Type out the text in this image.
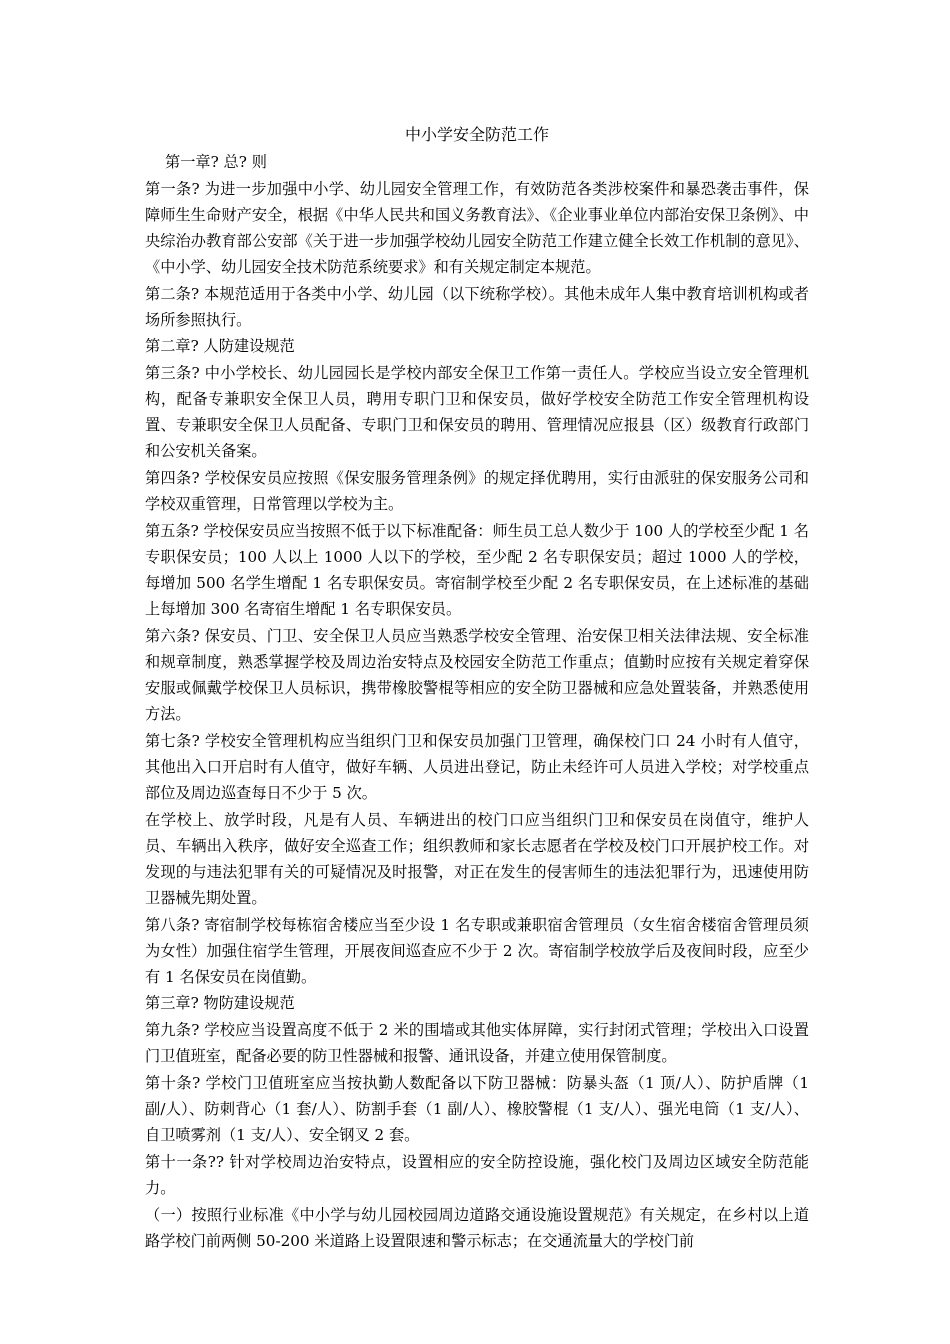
中小学安全防范工作

第一章? 总? 则

第一条? 为进一步加强中小学、幼儿园安全管理工作，有效防范各类涉校案件和暴恐袭击事件，保障师生生命财产安全，根据《中华人民共和国义务教育法》、《企业事业单位内部治安保卫条例》、中央综治办教育部公安部《关于进一步加强学校幼儿园安全防范工作建立健全长效工作机制的意见》、《中小学、幼儿园安全技术防范系统要求》和有关规定制定本规范。

第二条? 本规范适用于各类中小学、幼儿园（以下统称学校）。其他未成年人集中教育培训机构或者场所参照执行。

第二章? 人防建设规范

第三条? 中小学校长、幼儿园园长是学校内部安全保卫工作第一责任人。学校应当设立安全管理机构，配备专兼职安全保卫人员，聘用专职门卫和保安员，做好学校安全防范工作安全管理机构设置、专兼职安全保卫人员配备、专职门卫和保安员的聘用、管理情况应报县（区）级教育行政部门和公安机关备案。

第四条? 学校保安员应按照《保安服务管理条例》的规定择优聘用，实行由派驻的保安服务公司和学校双重管理，日常管理以学校为主。

第五条? 学校保安员应当按照不低于以下标准配备：师生员工总人数少于 100 人的学校至少配 1 名专职保安员；100 人以上 1000 人以下的学校，至少配 2 名专职保安员；超过 1000 人的学校，每增加 500 名学生增配 1 名专职保安员。寄宿制学校至少配 2 名专职保安员，在上述标准的基础上每增加 300 名寄宿生增配 1 名专职保安员。

第六条? 保安员、门卫、安全保卫人员应当熟悉学校安全管理、治安保卫相关法律法规、安全标准和规章制度，熟悉掌握学校及周边治安特点及校园安全防范工作重点；值勤时应按有关规定着穿保安服或佩戴学校保卫人员标识，携带橡胶警棍等相应的安全防卫器械和应急处置装备，并熟悉使用方法。

第七条? 学校安全管理机构应当组织门卫和保安员加强门卫管理，确保校门口 24 小时有人值守，其他出入口开启时有人值守，做好车辆、人员进出登记，防止未经许可人员进入学校；对学校重点部位及周边巡查每日不少于 5 次。

在学校上、放学时段，凡是有人员、车辆进出的校门口应当组织门卫和保安员在岗值守，维护人员、车辆出入秩序，做好安全巡查工作；组织教师和家长志愿者在学校及校门口开展护校工作。对发现的与违法犯罪有关的可疑情况及时报警，对正在发生的侵害师生的违法犯罪行为，迅速使用防卫器械先期处置。

第八条? 寄宿制学校每栋宿舍楼应当至少设 1 名专职或兼职宿舍管理员（女生宿舍楼宿舍管理员须为女性）加强住宿学生管理，开展夜间巡查应不少于 2 次。寄宿制学校放学后及夜间时段，应至少有 1 名保安员在岗值勤。

第三章? 物防建设规范

第九条? 学校应当设置高度不低于 2 米的围墙或其他实体屏障，实行封闭式管理；学校出入口设置门卫值班室，配备必要的防卫性器械和报警、通讯设备，并建立使用保管制度。

第十条? 学校门卫值班室应当按执勤人数配备以下防卫器械：防暴头盔（1 顶/人）、防护盾牌（1 副/人）、防刺背心（1 套/人）、防割手套（1 副/人）、橡胶警棍（1 支/人）、强光电筒（1 支/人）、自卫喷雾剂（1 支/人）、安全钢叉 2 套。

第十一条?? 针对学校周边治安特点，设置相应的安全防控设施，强化校门及周边区域安全防范能力。

（一）按照行业标准《中小学与幼儿园校园周边道路交通设施设置规范》有关规定，在乡村以上道路学校门前两侧 50-200 米道路上设置限速和警示标志；在交通流量大的学校门前
